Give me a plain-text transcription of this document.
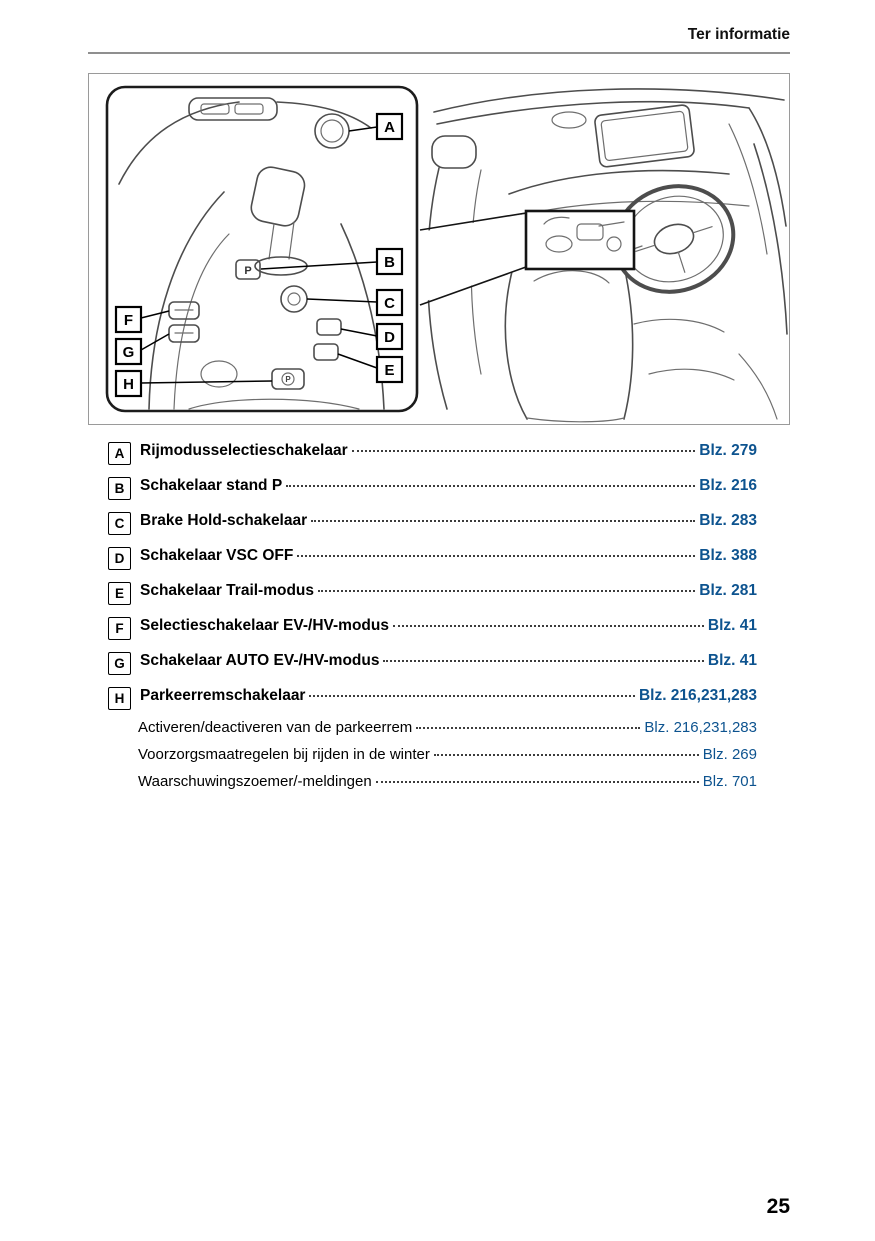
Ter informatie
P
P
A
B
C
D
E
F
G
H
A Rijmodusselectieschakelaar	Blz. 279
B Schakelaar stand P	Blz. 216
C Brake Hold-schakelaar	Blz. 283
D Schakelaar VSC OFF	Blz. 388
E Schakelaar Trail-modus	Blz. 281
F Selectieschakelaar EV-/HV-modus	Blz. 41
G Schakelaar AUTO EV-/HV-modus	Blz. 41
H Parkeerremschakelaar	Blz. 216,231,283
Activeren/deactiveren van de parkeerrem	Blz. 216,231,283
Voorzorgsmaatregelen bij rijden in de winter	Blz. 269
Waarschuwingszoemer/-meldingen	Blz. 701
25
